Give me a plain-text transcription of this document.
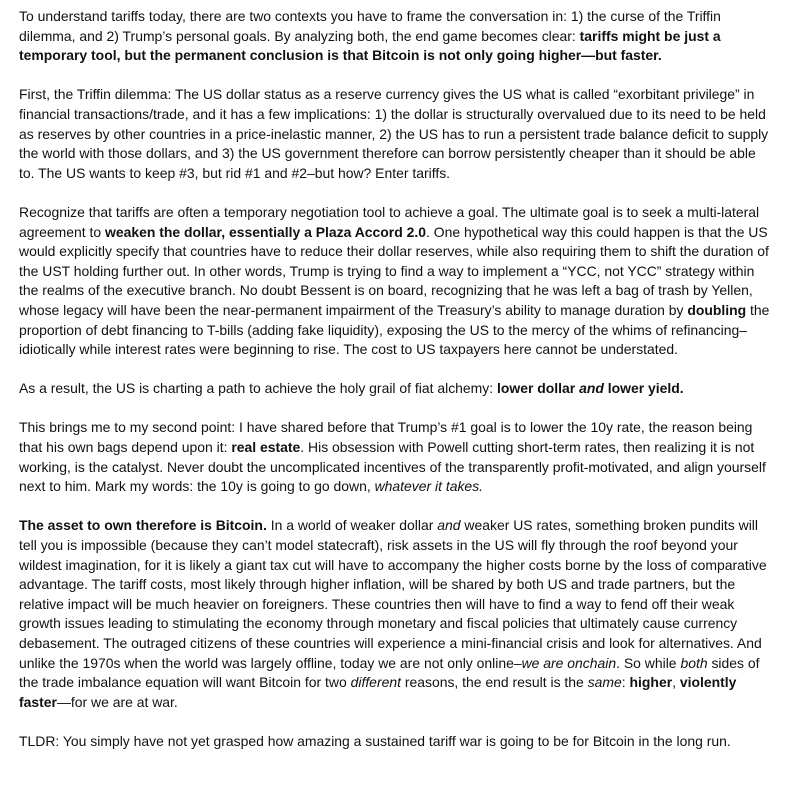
To understand tariffs today, there are two contexts you have to frame the conversation in: 1) the curse of the Triffin dilemma, and 2) Trump’s personal goals. By analyzing both, the end game becomes clear: tariffs might be just a temporary tool, but the permanent conclusion is that Bitcoin is not only going higher—but faster.

First, the Triffin dilemma: The US dollar status as a reserve currency gives the US what is called “exorbitant privilege” in financial transactions/trade, and it has a few implications: 1) the dollar is structurally overvalued due to its need to be held as reserves by other countries in a price-inelastic manner, 2) the US has to run a persistent trade balance deficit to supply the world with those dollars, and 3) the US government therefore can borrow persistently cheaper than it should be able to. The US wants to keep #3, but rid #1 and #2–but how? Enter tariffs.

Recognize that tariffs are often a temporary negotiation tool to achieve a goal. The ultimate goal is to seek a multi-lateral agreement to weaken the dollar, essentially a Plaza Accord 2.0. One hypothetical way this could happen is that the US would explicitly specify that countries have to reduce their dollar reserves, while also requiring them to shift the duration of the UST holding further out. In other words, Trump is trying to find a way to implement a “YCC, not YCC” strategy within the realms of the executive branch. No doubt Bessent is on board, recognizing that he was left a bag of trash by Yellen, whose legacy will have been the near-permanent impairment of the Treasury’s ability to manage duration by doubling the proportion of debt financing to T-bills (adding fake liquidity), exposing the US to the mercy of the whims of refinancing– idiotically while interest rates were beginning to rise. The cost to US taxpayers here cannot be understated.

As a result, the US is charting a path to achieve the holy grail of fiat alchemy: lower dollar and lower yield.

This brings me to my second point: I have shared before that Trump’s #1 goal is to lower the 10y rate, the reason being that his own bags depend upon it: real estate. His obsession with Powell cutting short-term rates, then realizing it is not working, is the catalyst. Never doubt the uncomplicated incentives of the transparently profit-motivated, and align yourself next to him. Mark my words: the 10y is going to go down, whatever it takes.

The asset to own therefore is Bitcoin. In a world of weaker dollar and weaker US rates, something broken pundits will tell you is impossible (because they can’t model statecraft), risk assets in the US will fly through the roof beyond your wildest imagination, for it is likely a giant tax cut will have to accompany the higher costs borne by the loss of comparative advantage. The tariff costs, most likely through higher inflation, will be shared by both US and trade partners, but the relative impact will be much heavier on foreigners. These countries then will have to find a way to fend off their weak growth issues leading to stimulating the economy through monetary and fiscal policies that ultimately cause currency debasement. The outraged citizens of these countries will experience a mini-financial crisis and look for alternatives. And unlike the 1970s when the world was largely offline, today we are not only online–we are onchain. So while both sides of the trade imbalance equation will want Bitcoin for two different reasons, the end result is the same: higher, violently faster—for we are at war.

TLDR: You simply have not yet grasped how amazing a sustained tariff war is going to be for Bitcoin in the long run.
